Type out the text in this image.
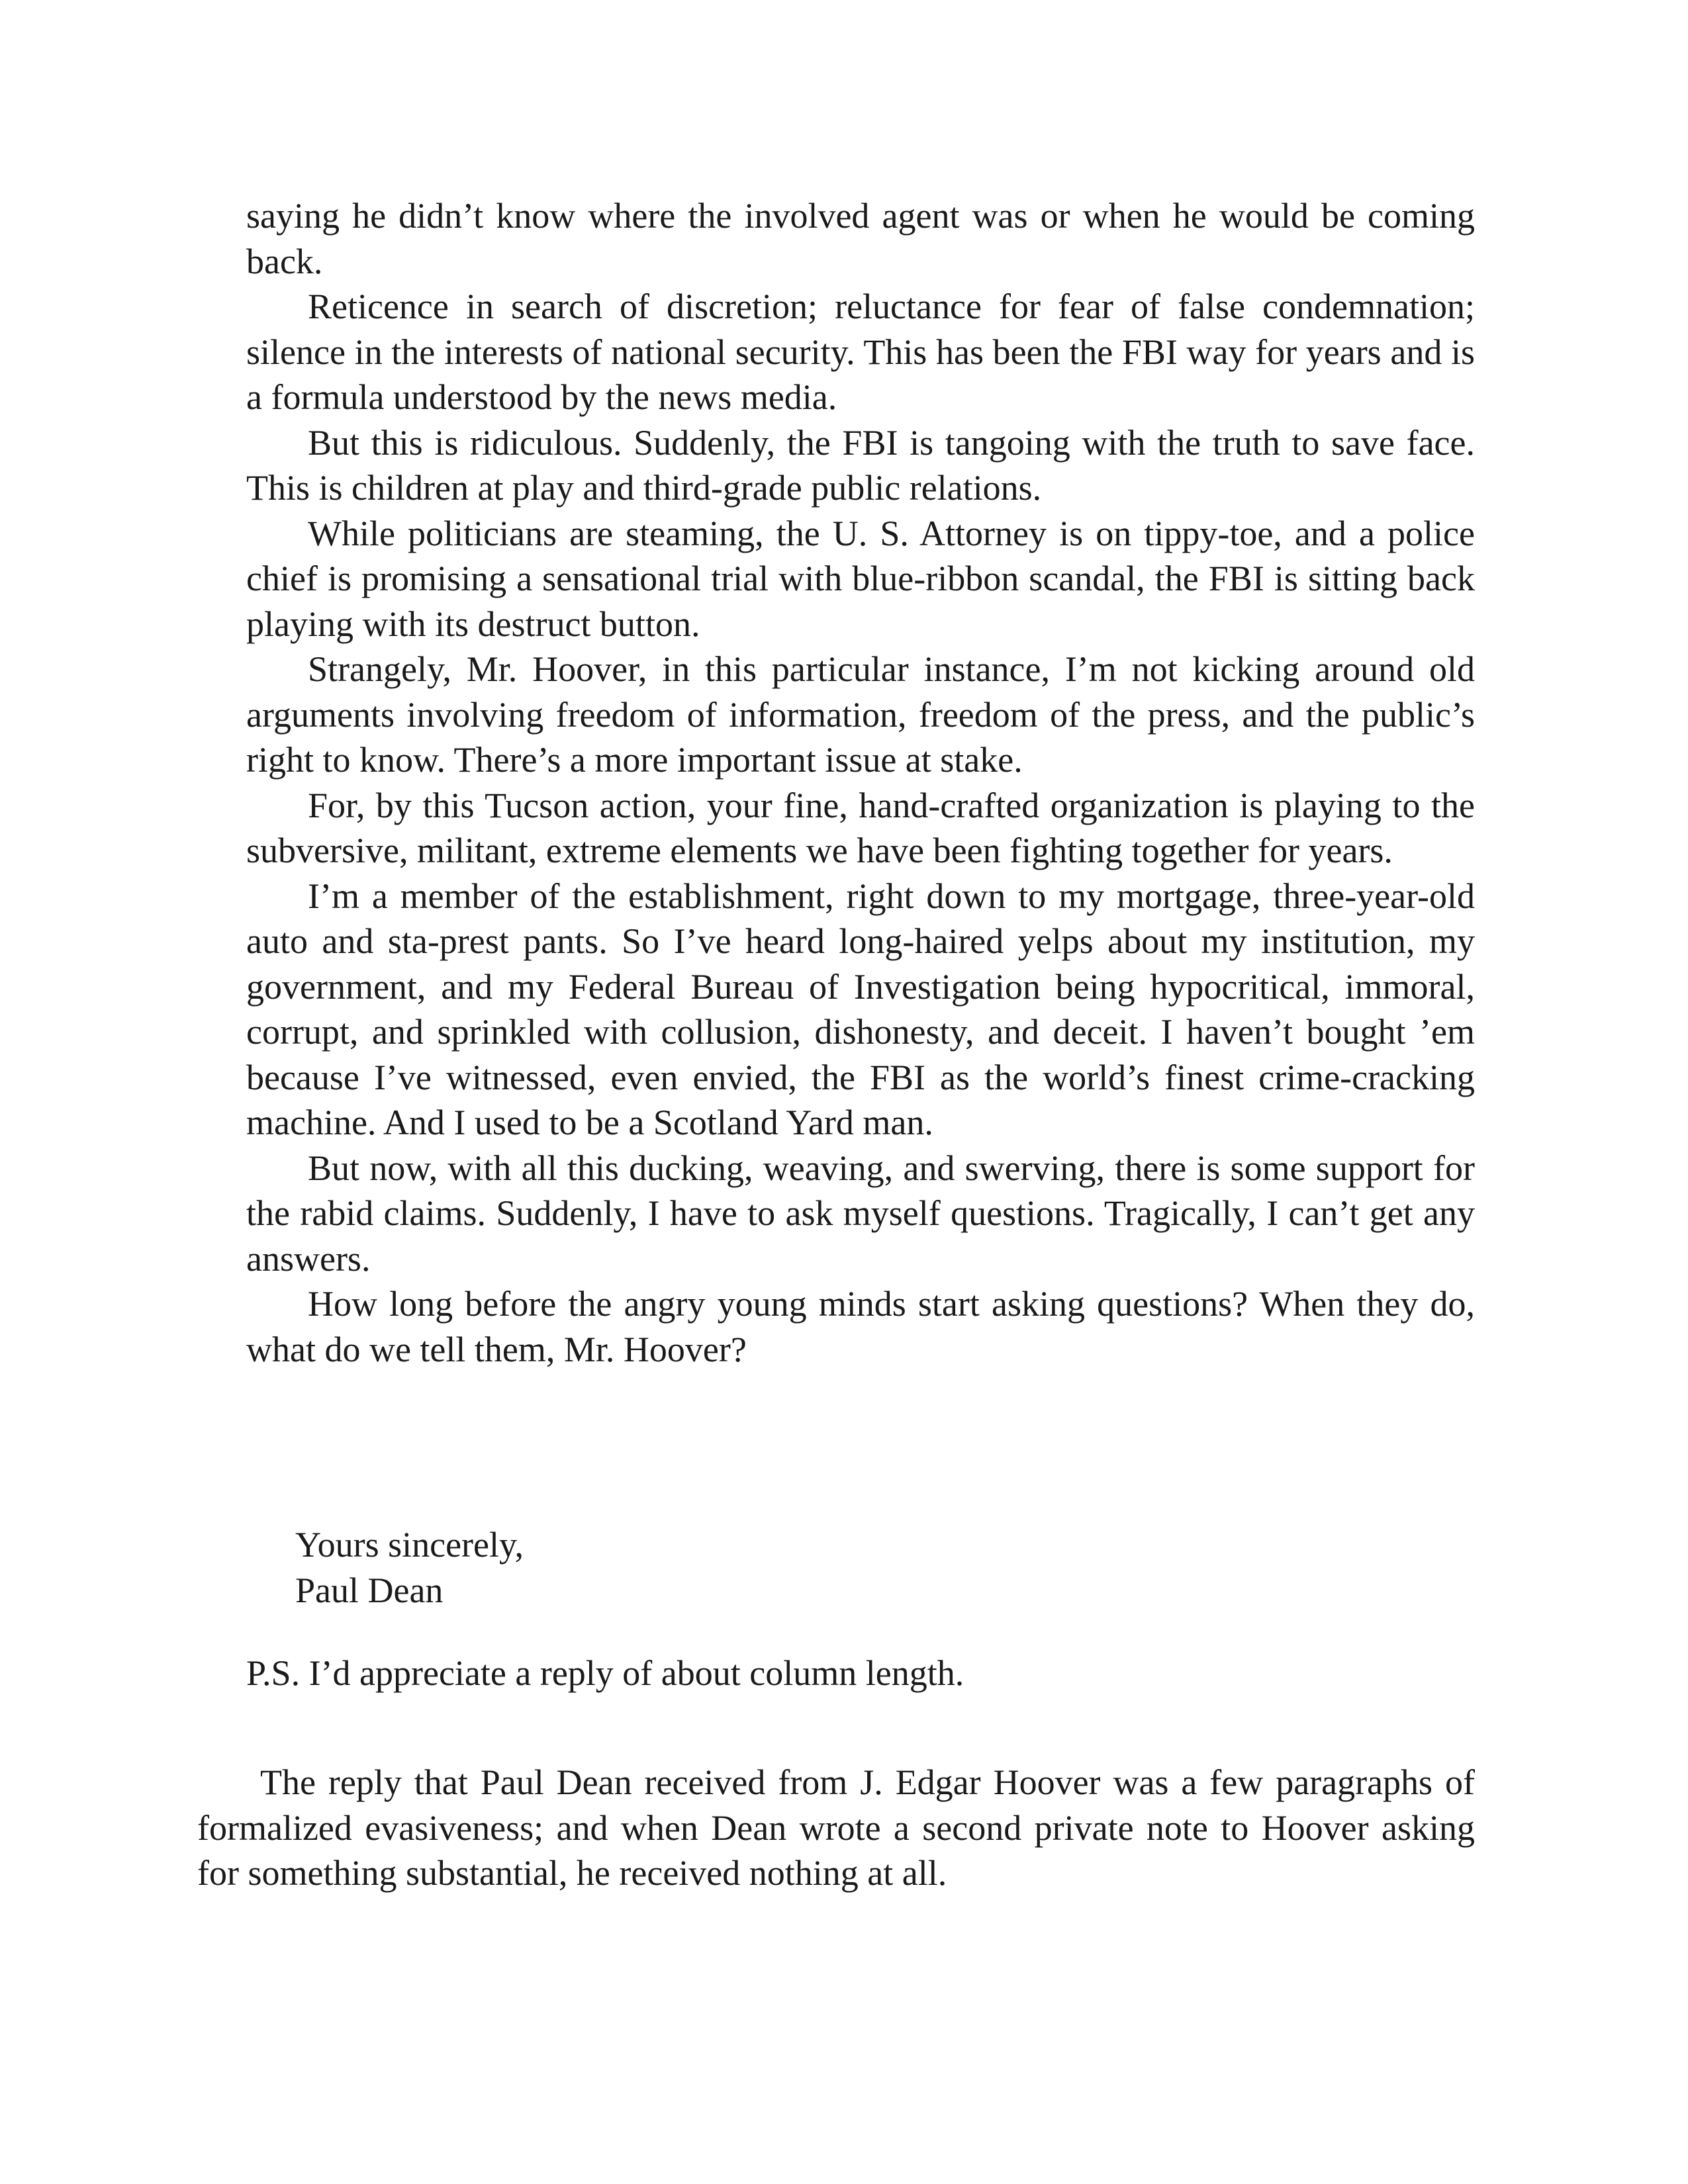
saying he didn’t know where the involved agent was or when he would be coming back.

Reticence in search of discretion; reluctance for fear of false condemnation; silence in the interests of national security. This has been the FBI way for years and is a formula understood by the news media.

But this is ridiculous. Suddenly, the FBI is tangoing with the truth to save face. This is children at play and third-grade public relations.

While politicians are steaming, the U. S. Attorney is on tippy-toe, and a police chief is promising a sensational trial with blue-ribbon scandal, the FBI is sitting back playing with its destruct button.

Strangely, Mr. Hoover, in this particular instance, I’m not kicking around old arguments involving freedom of information, freedom of the press, and the public’s right to know. There’s a more important issue at stake.

For, by this Tucson action, your fine, hand-crafted organization is playing to the subversive, militant, extreme elements we have been fighting together for years.

I’m a member of the establishment, right down to my mortgage, three-year-old auto and sta-prest pants. So I’ve heard long-haired yelps about my institution, my government, and my Federal Bureau of Investigation being hypocritical, immoral, corrupt, and sprinkled with collusion, dishonesty, and deceit. I haven’t bought ’em because I’ve witnessed, even envied, the FBI as the world’s finest crime-cracking machine. And I used to be a Scotland Yard man.

But now, with all this ducking, weaving, and swerving, there is some support for the rabid claims. Suddenly, I have to ask myself questions. Tragically, I can’t get any answers.

How long before the angry young minds start asking questions? When they do, what do we tell them, Mr. Hoover?

Yours sincerely,
Paul Dean
P.S. I’d appreciate a reply of about column length.

The reply that Paul Dean received from J. Edgar Hoover was a few paragraphs of formalized evasiveness; and when Dean wrote a second private note to Hoover asking for something substantial, he received nothing at all.
